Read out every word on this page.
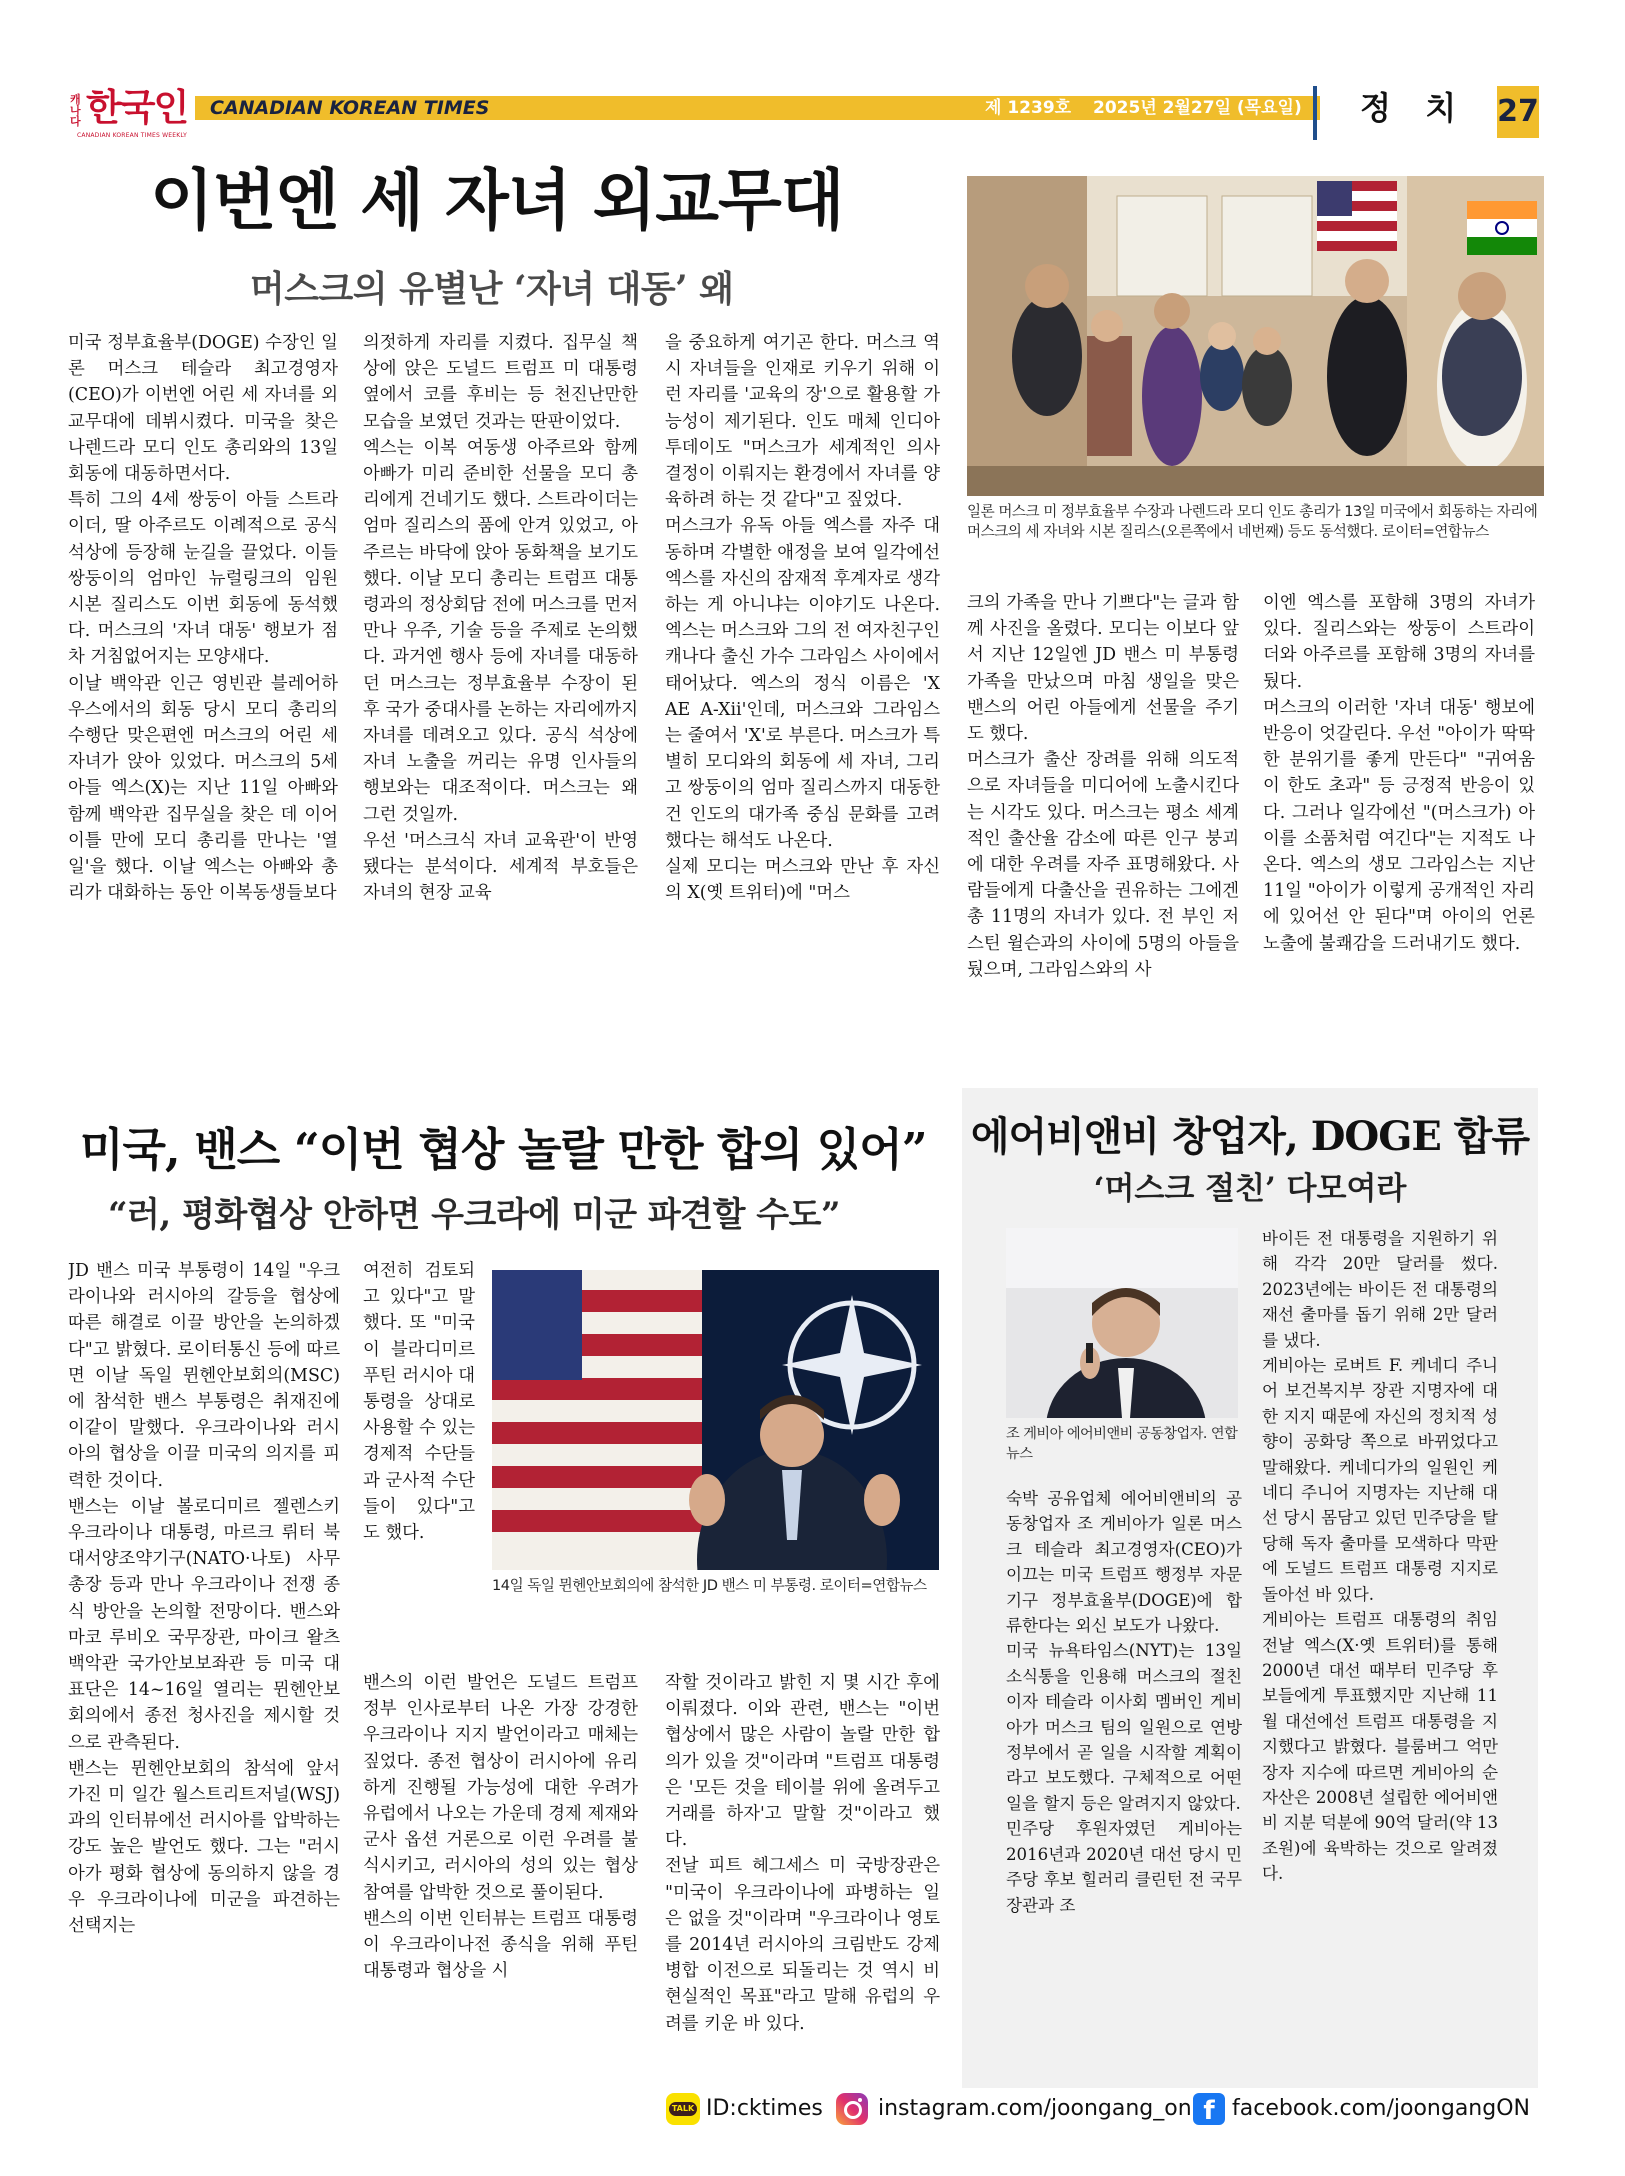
캐나다 한국인
CANADIAN KOREAN TIMES WEEKLY
CANADIAN KOREAN TIMES	제 1239호 2025년 2월27일 (목요일) 정  치 27
이번엔 세 자녀 외교무대
머스크의 유별난 ‘자녀 대동’ 왜
미국 정부효율부(DOGE) 수장인 일론 머스크 테슬라 최고경영자(CEO)가 이번엔 어린 세 자녀를 외교무대에 데뷔시켰다. 미국을 찾은 나렌드라 모디 인도 총리와의 13일 회동에 대동하면서다.
특히 그의 4세 쌍둥이 아들 스트라이더, 딸 아주르도 이례적으로 공식 석상에 등장해 눈길을 끌었다. 이들 쌍둥이의 엄마인 뉴럴링크의 임원 시본 질리스도 이번 회동에 동석했다. 머스크의 '자녀 대동' 행보가 점차 거침없어지는 모양새다.
이날 백악관 인근 영빈관 블레어하우스에서의 회동 당시 모디 총리의 수행단 맞은편엔 머스크의 어린 세 자녀가 앉아 있었다. 머스크의 5세 아들 엑스(X)는 지난 11일 아빠와 함께 백악관 집무실을 찾은 데 이어 이틀 만에 모디 총리를 만나는 '열일'을 했다. 이날 엑스는 아빠와 총리가 대화하는 동안 이복동생들보다
의젓하게 자리를 지켰다. 집무실 책상에 앉은 도널드 트럼프 미 대통령 옆에서 코를 후비는 등 천진난만한 모습을 보였던 것과는 딴판이었다.
엑스는 이복 여동생 아주르와 함께 아빠가 미리 준비한 선물을 모디 총리에게 건네기도 했다. 스트라이더는 엄마 질리스의 품에 안겨 있었고, 아주르는 바닥에 앉아 동화책을 보기도 했다. 이날 모디 총리는 트럼프 대통령과의 정상회담 전에 머스크를 먼저 만나 우주, 기술 등을 주제로 논의했다. 과거엔 행사 등에 자녀를 대동하던 머스크는 정부효율부 수장이 된 후 국가 중대사를 논하는 자리에까지 자녀를 데려오고 있다. 공식 석상에 자녀 노출을 꺼리는 유명 인사들의 행보와는 대조적이다. 머스크는 왜 그런 것일까.
우선 '머스크식 자녀 교육관'이 반영됐다는 분석이다. 세계적 부호들은 자녀의 현장 교육
을 중요하게 여기곤 한다. 머스크 역시 자녀들을 인재로 키우기 위해 이런 자리를 '교육의 장'으로 활용할 가능성이 제기된다. 인도 매체 인디아투데이도 "머스크가 세계적인 의사 결정이 이뤄지는 환경에서 자녀를 양육하려 하는 것 같다"고 짚었다.
머스크가 유독 아들 엑스를 자주 대동하며 각별한 애정을 보여 일각에선 엑스를 자신의 잠재적 후계자로 생각하는 게 아니냐는 이야기도 나온다. 엑스는 머스크와 그의 전 여자친구인 캐나다 출신 가수 그라임스 사이에서 태어났다. 엑스의 정식 이름은 'X AE A-Xii'인데, 머스크와 그라임스는 줄여서 'X'로 부른다. 머스크가 특별히 모디와의 회동에 세 자녀, 그리고 쌍둥이의 엄마 질리스까지 대동한 건 인도의 대가족 중심 문화를 고려했다는 해석도 나온다.
실제 모디는 머스크와 만난 후 자신의 X(옛 트위터)에 "머스
일론 머스크 미 정부효율부 수장과 나렌드라 모디 인도 총리가 13일 미국에서 회동하는 자리에 머스크의 세 자녀와 시본 질리스(오른쪽에서 네번째) 등도 동석했다. 로이터=연합뉴스
크의 가족을 만나 기쁘다"는 글과 함께 사진을 올렸다. 모디는 이보다 앞서 지난 12일엔 JD 밴스 미 부통령 가족을 만났으며 마침 생일을 맞은 밴스의 어린 아들에게 선물을 주기도 했다.
머스크가 출산 장려를 위해 의도적으로 자녀들을 미디어에 노출시킨다는 시각도 있다. 머스크는 평소 세계적인 출산율 감소에 따른 인구 붕괴에 대한 우려를 자주 표명해왔다. 사람들에게 다출산을 권유하는 그에겐 총 11명의 자녀가 있다. 전 부인 저스틴 윌슨과의 사이에 5명의 아들을 뒀으며, 그라임스와의 사
이엔 엑스를 포함해 3명의 자녀가 있다. 질리스와는 쌍둥이 스트라이더와 아주르를 포함해 3명의 자녀를 뒀다.
머스크의 이러한 '자녀 대동' 행보에 반응이 엇갈린다. 우선 "아이가 딱딱한 분위기를 좋게 만든다" "귀여움이 한도 초과" 등 긍정적 반응이 있다. 그러나 일각에선 "(머스크가) 아이를 소품처럼 여긴다"는 지적도 나온다. 엑스의 생모 그라임스는 지난 11일 "아이가 이렇게 공개적인 자리에 있어선 안 된다"며 아이의 언론 노출에 불쾌감을 드러내기도 했다.
미국, 밴스 “이번 협상 놀랄 만한 합의 있어”
“러, 평화협상 안하면 우크라에 미군 파견할 수도”
JD 밴스 미국 부통령이 14일 "우크라이나와 러시아의 갈등을 협상에 따른 해결로 이끌 방안을 논의하겠다"고 밝혔다. 로이터통신 등에 따르면 이날 독일 뮌헨안보회의(MSC)에 참석한 밴스 부통령은 취재진에 이같이 말했다. 우크라이나와 러시아의 협상을 이끌 미국의 의지를 피력한 것이다.
밴스는 이날 볼로디미르 젤렌스키 우크라이나 대통령, 마르크 뤼터 북대서양조약기구(NATO·나토) 사무총장 등과 만나 우크라이나 전쟁 종식 방안을 논의할 전망이다. 밴스와 마코 루비오 국무장관, 마이크 왈츠 백악관 국가안보보좌관 등 미국 대표단은 14~16일 열리는 뮌헨안보회의에서 종전 청사진을 제시할 것으로 관측된다.
밴스는 뮌헨안보회의 참석에 앞서 가진 미 일간 월스트리트저널(WSJ)과의 인터뷰에선 러시아를 압박하는 강도 높은 발언도 했다. 그는 "러시아가 평화 협상에 동의하지 않을 경우 우크라이나에 미군을 파견하는 선택지는
여전히 검토되고 있다"고 말했다. 또 "미국이 블라디미르 푸틴 러시아 대통령을 상대로 사용할 수 있는 경제적 수단들과 군사적 수단들이 있다"고도 했다.
14일 독일 뮌헨안보회의에 참석한 JD 밴스 미 부통령. 로이터=연합뉴스
밴스의 이런 발언은 도널드 트럼프 정부 인사로부터 나온 가장 강경한 우크라이나 지지 발언이라고 매체는 짚었다. 종전 협상이 러시아에 유리하게 진행될 가능성에 대한 우려가 유럽에서 나오는 가운데 경제 제재와 군사 옵션 거론으로 이런 우려를 불식시키고, 러시아의 성의 있는 협상 참여를 압박한 것으로 풀이된다.
밴스의 이번 인터뷰는 트럼프 대통령이 우크라이나전 종식을 위해 푸틴 대통령과 협상을 시
작할 것이라고 밝힌 지 몇 시간 후에 이뤄졌다. 이와 관련, 밴스는 "이번 협상에서 많은 사람이 놀랄 만한 합의가 있을 것"이라며 "트럼프 대통령은 '모든 것을 테이블 위에 올려두고 거래를 하자'고 말할 것"이라고 했다.
전날 피트 헤그세스 미 국방장관은 "미국이 우크라이나에 파병하는 일은 없을 것"이라며 "우크라이나 영토를 2014년 러시아의 크림반도 강제 병합 이전으로 되돌리는 것 역시 비현실적인 목표"라고 말해 유럽의 우려를 키운 바 있다.
에어비앤비 창업자, DOGE 합류
‘머스크 절친’ 다모여라
조 게비아 에어비앤비 공동창업자. 연합뉴스
숙박 공유업체 에어비앤비의 공동창업자 조 게비아가 일론 머스크 테슬라 최고경영자(CEO)가 이끄는 미국 트럼프 행정부 자문기구 정부효율부(DOGE)에 합류한다는 외신 보도가 나왔다.
미국 뉴욕타임스(NYT)는 13일 소식통을 인용해 머스크의 절친이자 테슬라 이사회 멤버인 게비아가 머스크 팀의 일원으로 연방 정부에서 곧 일을 시작할 계획이라고 보도했다. 구체적으로 어떤 일을 할지 등은 알려지지 않았다.
민주당 후원자였던 게비아는 2016년과 2020년 대선 당시 민주당 후보 힐러리 클린턴 전 국무장관과 조
바이든 전 대통령을 지원하기 위해 각각 20만 달러를 썼다. 2023년에는 바이든 전 대통령의 재선 출마를 돕기 위해 2만 달러를 냈다.
게비아는 로버트 F. 케네디 주니어 보건복지부 장관 지명자에 대한 지지 때문에 자신의 정치적 성향이 공화당 쪽으로 바뀌었다고 말해왔다. 케네디가의 일원인 케네디 주니어 지명자는 지난해 대선 당시 몸담고 있던 민주당을 탈당해 독자 출마를 모색하다 막판에 도널드 트럼프 대통령 지지로 돌아선 바 있다.
게비아는 트럼프 대통령의 취임 전날 엑스(X·옛 트위터)를 통해 2000년 대선 때부터 민주당 후보들에게 투표했지만 지난해 11월 대선에선 트럼프 대통령을 지지했다고 밝혔다. 블룸버그 억만장자 지수에 따르면 게비아의 순자산은 2008년 설립한 에어비앤비 지분 덕분에 90억 달러(약 13조원)에 육박하는 것으로 알려졌다.
TALK ID:cktimes	instagram.com/joongang_on f facebook.com/joongangON
